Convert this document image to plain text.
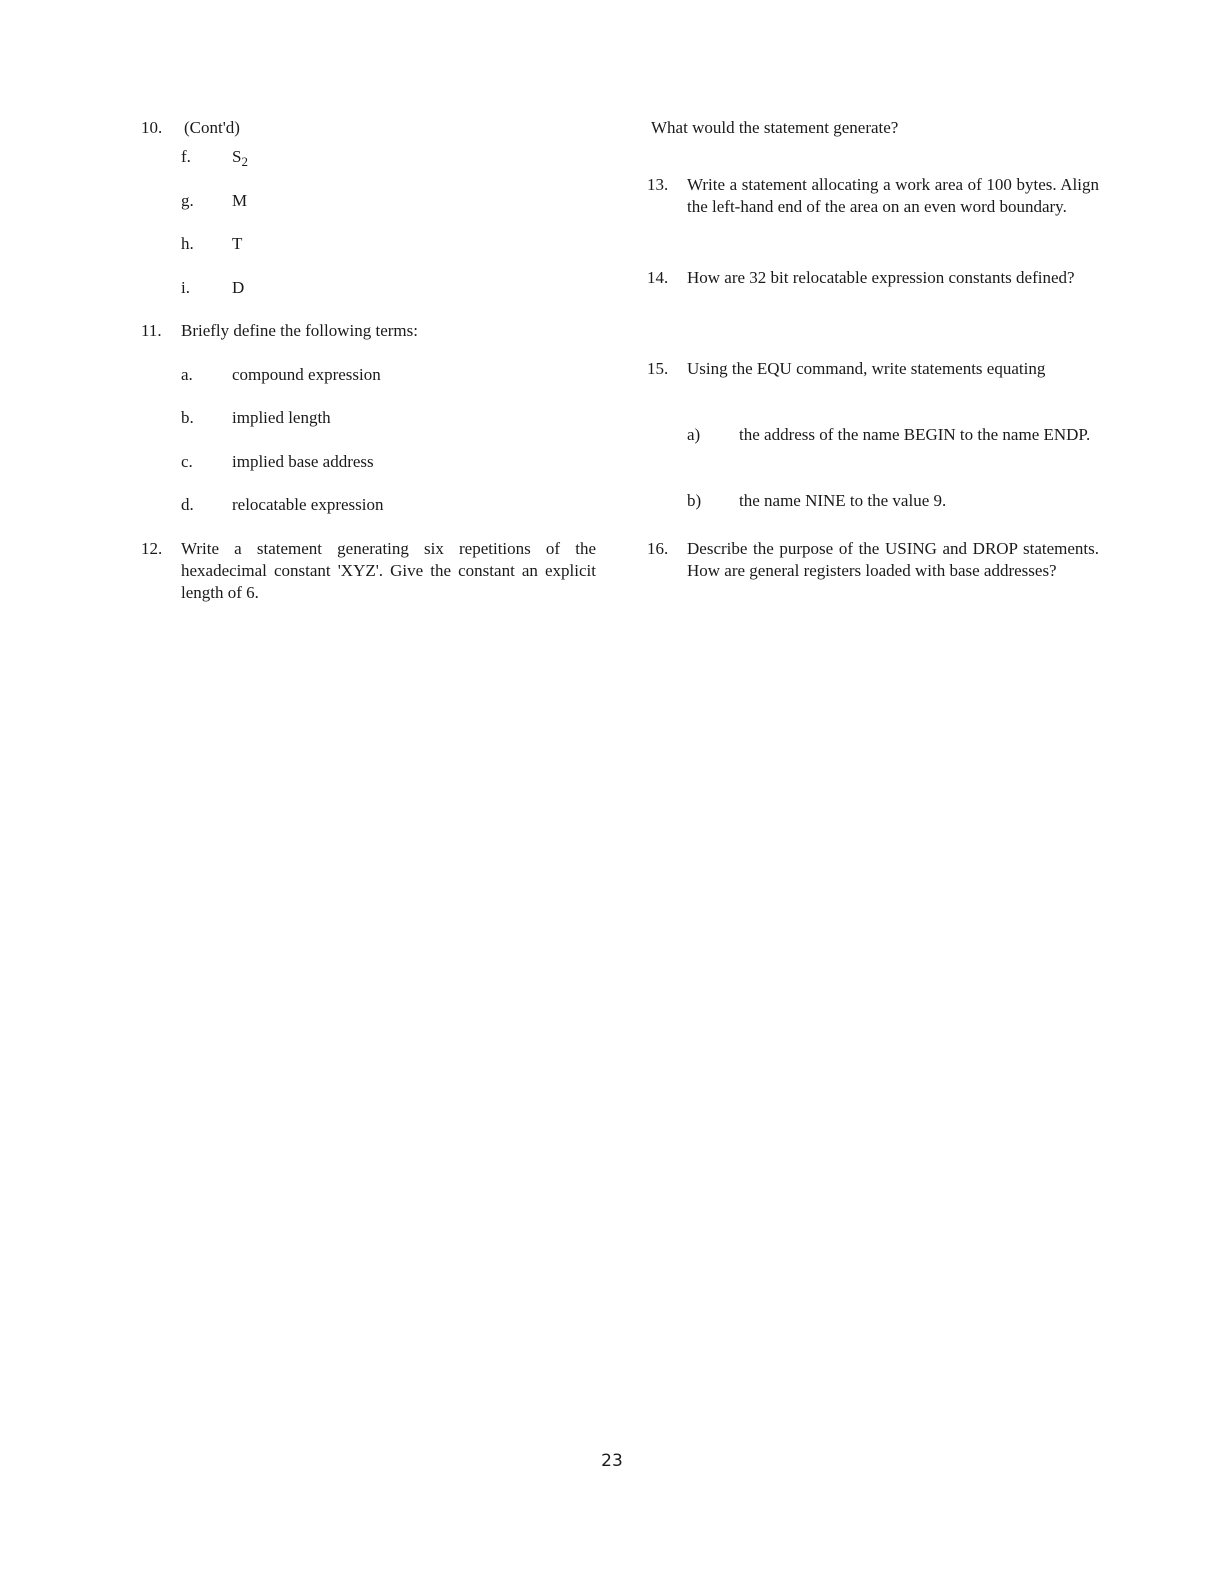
10. (Cont'd)
f. $S_2$
g. M
h. T
i. D
11. Briefly define the following terms:
a. compound expression
b. implied length
c. implied base address
d. relocatable expression
12. Write a statement generating six repetitions of the hexadecimal constant 'XYZ'. Give the constant an explicit length of 6.
What would the statement generate?
13. Write a statement allocating a work area of 100 bytes. Align the left-hand end of the area on an even word boundary.
14. How are 32 bit relocatable expression constants defined?
15. Using the EQU command, write statements equating
a) the address of the name BEGIN to the name ENDP.
b) the name NINE to the value 9.
16. Describe the purpose of the USING and DROP statements. How are general registers loaded with base addresses?
23
